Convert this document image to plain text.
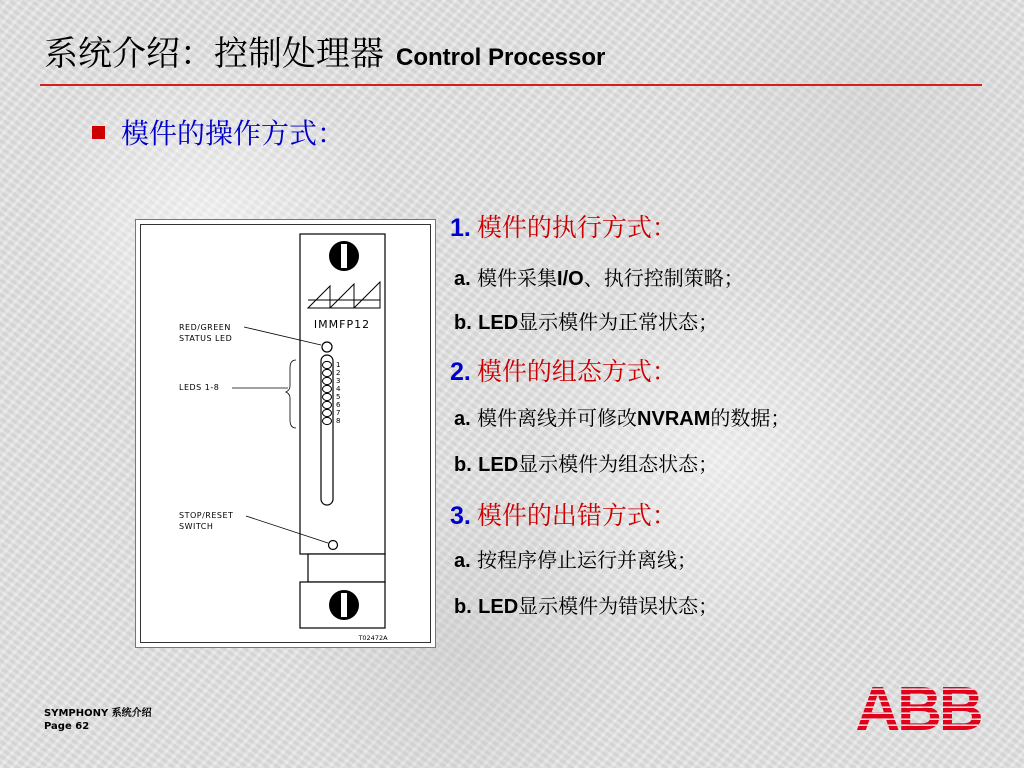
系统介绍：控制处理器 Control Processor
模件的操作方式：
IMMFP12
1
2
3
4
5
6
7
8
RED/GREEN
STATUS LED
LEDS 1-8
STOP/RESET
SWITCH
T02472A
1. 模件的执行方式：
a. 模件采集I/O、执行控制策略；
b. LED显示模件为正常状态；
2. 模件的组态方式：
a. 模件离线并可修改NVRAM的数据；
b. LED显示模件为组态状态；
3. 模件的出错方式：
a. 按程序停止运行并离线；
b. LED显示模件为错误状态；
SYMPHONY 系统介绍
Page 62	ABB
